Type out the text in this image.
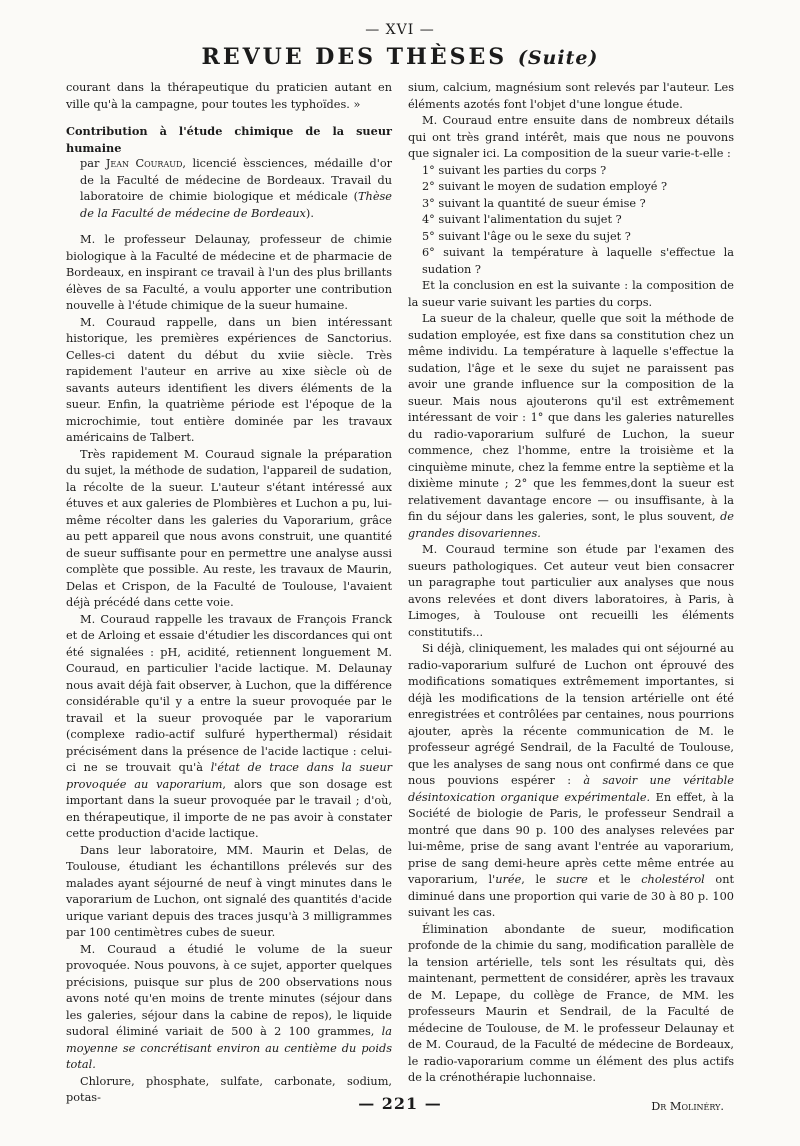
— XVI —
REVUE DES THÈSES (Suite)

courant dans la thérapeutique du praticien autant en ville qu'à la campagne, pour toutes les typhoïdes. »

Contribution à l'étude chimique de la sueur humaine

par Jean Couraud, licencié èssciences, médaille d'or de la Faculté de médecine de Bordeaux. Travail du laboratoire de chimie biologique et médicale (Thèse de la Faculté de médecine de Bordeaux).

M. le professeur Delaunay, professeur de chimie biologique à la Faculté de médecine et de pharmacie de Bordeaux, en inspirant ce travail à l'un des plus brillants élèves de sa Faculté, a voulu apporter une contribution nouvelle à l'étude chimique de la sueur humaine.

M. Couraud rappelle, dans un bien intéressant historique, les premières expériences de Sanctorius. Celles-ci datent du début du xviie siècle. Très rapidement l'auteur en arrive au xixe siècle où de savants auteurs identifient les divers éléments de la sueur. Enfin, la quatrième période est l'époque de la microchimie, tout entière dominée par les travaux américains de Talbert.

Très rapidement M. Couraud signale la préparation du sujet, la méthode de sudation, l'appareil de sudation, la récolte de la sueur. L'auteur s'étant intéressé aux étuves et aux galeries de Plombières et Luchon a pu, lui-même récolter dans les galeries du Vaporarium, grâce au pett appareil que nous avons construit, une quantité de sueur suffisante pour en permettre une analyse aussi complète que possible. Au reste, les travaux de Maurin, Delas et Crispon, de la Faculté de Toulouse, l'avaient déjà précédé dans cette voie.

M. Couraud rappelle les travaux de François Franck et de Arloing et essaie d'étudier les discordances qui ont été signalées : pH, acidité, retiennent longuement M. Couraud, en particulier l'acide lactique. M. Delaunay nous avait déjà fait observer, à Luchon, que la différence considérable qu'il y a entre la sueur provoquée par le travail et la sueur provoquée par le vaporarium (complexe radio-actif sulfuré hyperthermal) résidait précisément dans la présence de l'acide lactique : celui-ci ne se trouvait qu'à l'état de trace dans la sueur provoquée au vaporarium, alors que son dosage est important dans la sueur provoquée par le travail ; d'où, en thérapeutique, il importe de ne pas avoir à constater cette production d'acide lactique.

Dans leur laboratoire, MM. Maurin et Delas, de Toulouse, étudiant les échantillons prélevés sur des malades ayant séjourné de neuf à vingt minutes dans le vaporarium de Luchon, ont signalé des quantités d'acide urique variant depuis des traces jusqu'à 3 milligrammes par 100 centimètres cubes de sueur.

M. Couraud a étudié le volume de la sueur provoquée. Nous pouvons, à ce sujet, apporter quelques précisions, puisque sur plus de 200 observations nous avons noté qu'en moins de trente minutes (séjour dans les galeries, séjour dans la cabine de repos), le liquide sudoral éliminé variait de 500 à 2 100 grammes, la moyenne se concrétisant environ au centième du poids total.

Chlorure, phosphate, sulfate, carbonate, sodium, potas-

sium, calcium, magnésium sont relevés par l'auteur. Les éléments azotés font l'objet d'une longue étude.

M. Couraud entre ensuite dans de nombreux détails qui ont très grand intérêt, mais que nous ne pouvons que signaler ici. La composition de la sueur varie-t-elle :

1° suivant les parties du corps ?
2° suivant le moyen de sudation employé ?
3° suivant la quantité de sueur émise ?
4° suivant l'alimentation du sujet ?
5° suivant l'âge ou le sexe du sujet ?
6° suivant la température à laquelle s'effectue la sudation ?

Et la conclusion en est la suivante : la composition de la sueur varie suivant les parties du corps.

La sueur de la chaleur, quelle que soit la méthode de sudation employée, est fixe dans sa constitution chez un même individu. La température à laquelle s'effectue la sudation, l'âge et le sexe du sujet ne paraissent pas avoir une grande influence sur la composition de la sueur. Mais nous ajouterons qu'il est extrêmement intéressant de voir : 1° que dans les galeries naturelles du radio-vaporarium sulfuré de Luchon, la sueur commence, chez l'homme, entre la troisième et la cinquième minute, chez la femme entre la septième et la dixième minute ; 2° que les femmes,dont la sueur est relativement davantage encore — ou insuffisante, à la fin du séjour dans les galeries, sont, le plus souvent, de grandes disovariennes.

M. Couraud termine son étude par l'examen des sueurs pathologiques. Cet auteur veut bien consacrer un paragraphe tout particulier aux analyses que nous avons relevées et dont divers laboratoires, à Paris, à Limoges, à Toulouse ont recueilli les éléments constitutifs...

Si déjà, cliniquement, les malades qui ont séjourné au radio-vaporarium sulfuré de Luchon ont éprouvé des modifications somatiques extrêmement importantes, si déjà les modifications de la tension artérielle ont été enregistrées et contrôlées par centaines, nous pourrions ajouter, après la récente communication de M. le professeur agrégé Sendrail, de la Faculté de Toulouse, que les analyses de sang nous ont confirmé dans ce que nous pouvions espérer : à savoir une véritable désintoxication organique expérimentale. En effet, à la Société de biologie de Paris, le professeur Sendrail a montré que dans 90 p. 100 des analyses relevées par lui-même, prise de sang avant l'entrée au vaporarium, prise de sang demi-heure après cette même entrée au vaporarium, l'urée, le sucre et le cholestérol ont diminué dans une proportion qui varie de 30 à 80 p. 100 suivant les cas.

Élimination abondante de sueur, modification profonde de la chimie du sang, modification parallèle de la tension artérielle, tels sont les résultats qui, dès maintenant, permettent de considérer, après les travaux de M. Lepape, du collège de France, de MM. les professeurs Maurin et Sendrail, de la Faculté de médecine de Toulouse, de M. le professeur Delaunay et de M. Couraud, de la Faculté de médecine de Bordeaux, le radio-vaporarium comme un élément des plus actifs de la crénothérapie luchonnaise.

Dr Molinéry.
— 221 —
